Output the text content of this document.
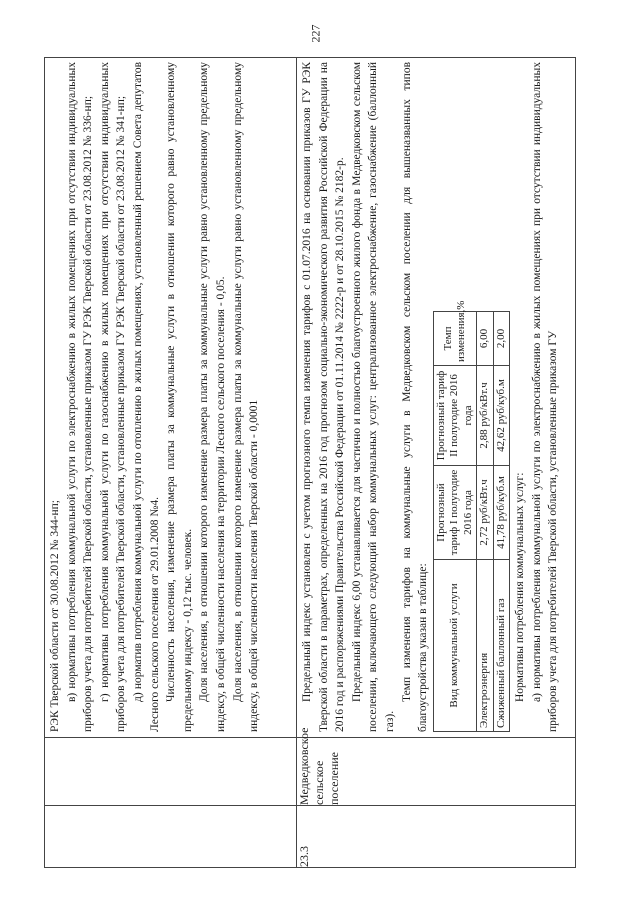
227

РЭК Тверской области от 30.08.2012 № 344-нп; в) нормативы потребления коммунальной услуги по электроснабжению в жилых помещениях при отсутствии индивидуальных приборов учета для потребителей Тверской области, установленные приказом ГУ РЭК Тверской области от 23.08.2012 № 336-нп; г) нормативы потребления коммунальной услуги по газоснабжению в жилых помещениях при отсутствии индивидуальных приборов учета для потребителей Тверской области, установленные приказом ГУ РЭК Тверской области от 23.08.2012 № 341-нп; д) норматив потребления коммунальной услуги по отоплению в жилых помещениях, установленный решением Совета депутатов Лесного сельского поселения от 29.01.2008 №4. Численность населения, изменение размера платы за коммунальные услуги в отношении которого равно установленному предельному индексу - 0,12 тыс. человек. Доля населения, в отношении которого изменение размера платы за коммунальные услуги равно установленному предельному индексу, в общей численности населения на территории Лесного сельского поселения - 0,05. Доля населения, в отношении которого изменение размера платы за коммунальные услуги равно установленному предельному индексу, в общей численности населения Тверской области - 0,0001

23.3	Медведковское сельское поселение	

Предельный индекс установлен с учетом прогнозного темпа изменения тарифов с 01.07.2016 на основании приказов ГУ РЭК Тверской области в параметрах, определенных на 2016 год прогнозом социально-экономического развития Российской Федерации на 2016 год и распоряжениями Правительства Российской Федерации от 01.11.2014 № 2222-р и от 28.10.2015 № 2182-р. Предельный индекс 6,00 устанавливается для частично и полностью благоустроенного жилого фонда в Медведковском сельском поселении, включающего следующий набор коммунальных услуг: централизованное электроснабжение, газоснабжение (баллонный газ).

Темп изменения тарифов на коммунальные услуги в Медведковском сельском поселении для вышеназванных типов благоустройства указан в таблице: Вид коммунальной услуги	Прогнозный тариф I полугодие 2016 года	Прогнозный тариф II полугодие 2016 года	Темп изменения,%
Электроэнергия	2,72 руб/кВт.ч	2,88 руб/кВт.ч	6,00
Сжиженный баллонный газ	41,78 руб/куб.м	42,62 руб/куб.м	2,00

Нормативы потребления коммунальных услуг: а) нормативы потребления коммунальной услуги по электроснабжению в жилых помещениях при отсутствии индивидуальных приборов учета для потребителей Тверской области, установленные приказом ГУ
